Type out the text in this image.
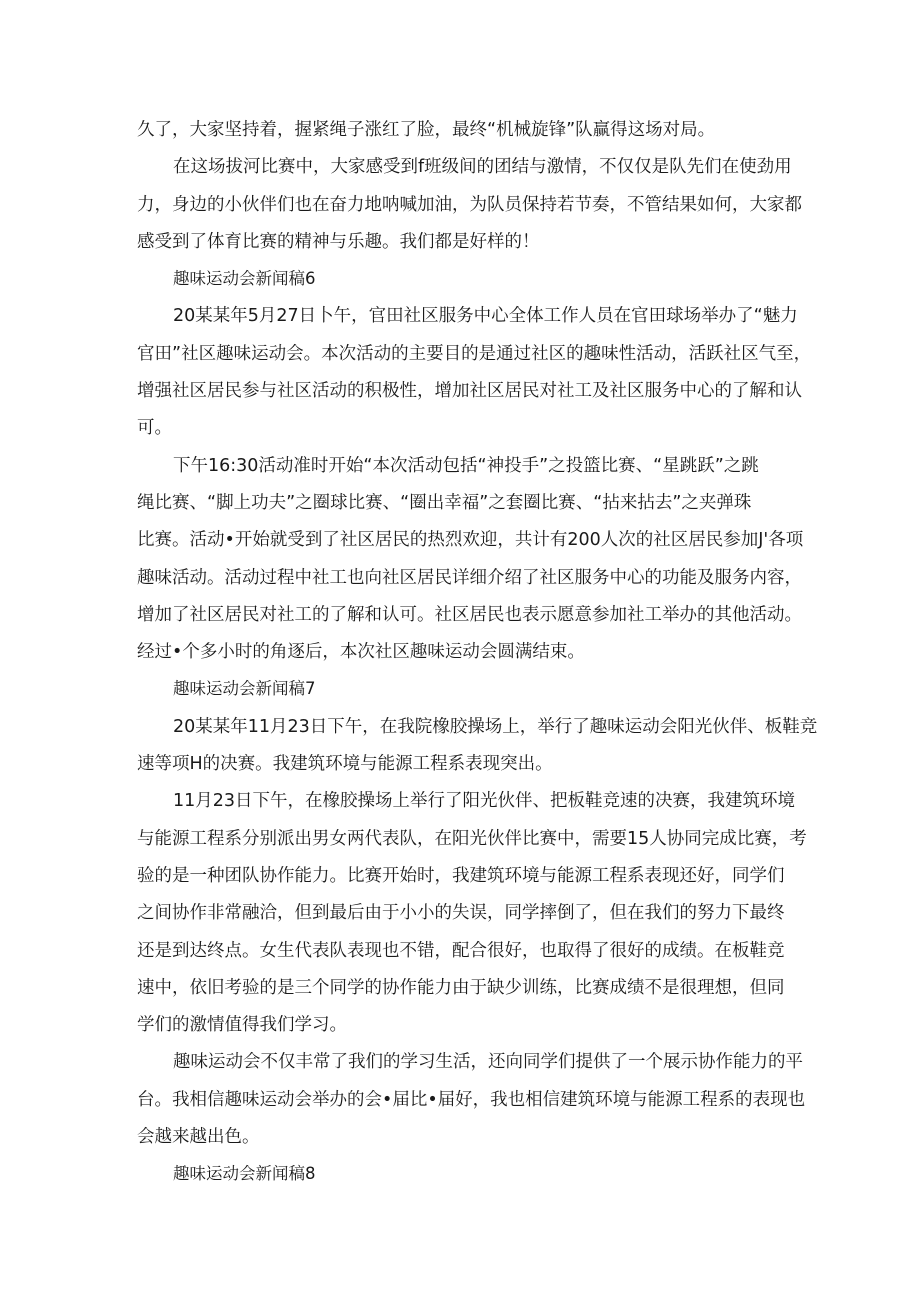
久了，大家坚持着，握紧绳子涨红了脸，最终“机械旋锋”队赢得这场对局。
在这场拔河比赛中，大家感受到f班级间的团结与激情，不仅仅是队先们在使劲用
力，身边的小伙伴们也在奋力地呐喊加油，为队员保持若节奏，不管结果如何，大家都
感受到了体育比赛的精神与乐趣。我们都是好样的！
趣味运动会新闻稿6
20某某年5月27日卜午，官田社区服务中心全体工作人员在官田球场举办了“魅力
官田”社区趣味运动会。本次活动的主要目的是通过社区的趣味性活动，活跃社区气至，
增强社区居民参与社区活动的积极性，增加社区居民对社工及社区服务中心的了解和认
可。
下午16:30活动准时开始“本次活动包括“神投手”之投篮比赛、“星跳跃”之跳
绳比赛、“脚上功夫”之圈球比赛、“圈出幸福”之套圈比赛、“拈来拈去”之夹弹珠
比赛。活动•开始就受到了社区居民的热烈欢迎，共计有200人次的社区居民参加J'各项
趣味活动。活动过程中社工也向社区居民详细介绍了社区服务中心的功能及服务内容，
增加了社区居民对社工的了解和认可。社区居民也表示愿意参加社工举办的其他活动。
经过•个多小时的角逐后，本次社区趣味运动会圆满结束。
趣味运动会新闻稿7
20某某年11月23日下午，在我院橡胶操场上，举行了趣味运动会阳光伙伴、板鞋竞
速等项H的决赛。我建筑环境与能源工程系表现突出。
11月23日下午，在橡胶操场上举行了阳光伙伴、把板鞋竞速的决赛，我建筑环境
与能源工程系分别派出男女两代表队，在阳光伙伴比赛中，需要15人协同完成比赛，考
验的是一种团队协作能力。比赛开始时，我建筑环境与能源工程系表现还好，同学们
之间协作非常融洽，但到最后由于小小的失误，同学摔倒了，但在我们的努力下最终
还是到达终点。女生代表队表现也不错，配合很好，也取得了很好的成绩。在板鞋竞
速中，依旧考验的是三个同学的协作能力由于缺少训练，比赛成绩不是很理想，但同
学们的激情值得我们学习。
趣味运动会不仅丰常了我们的学习生活，还向同学们提供了一个展示协作能力的平
台。我相信趣味运动会举办的会•届比•届好，我也相信建筑环境与能源工程系的表现也
会越来越出色。
趣味运动会新闻稿8
